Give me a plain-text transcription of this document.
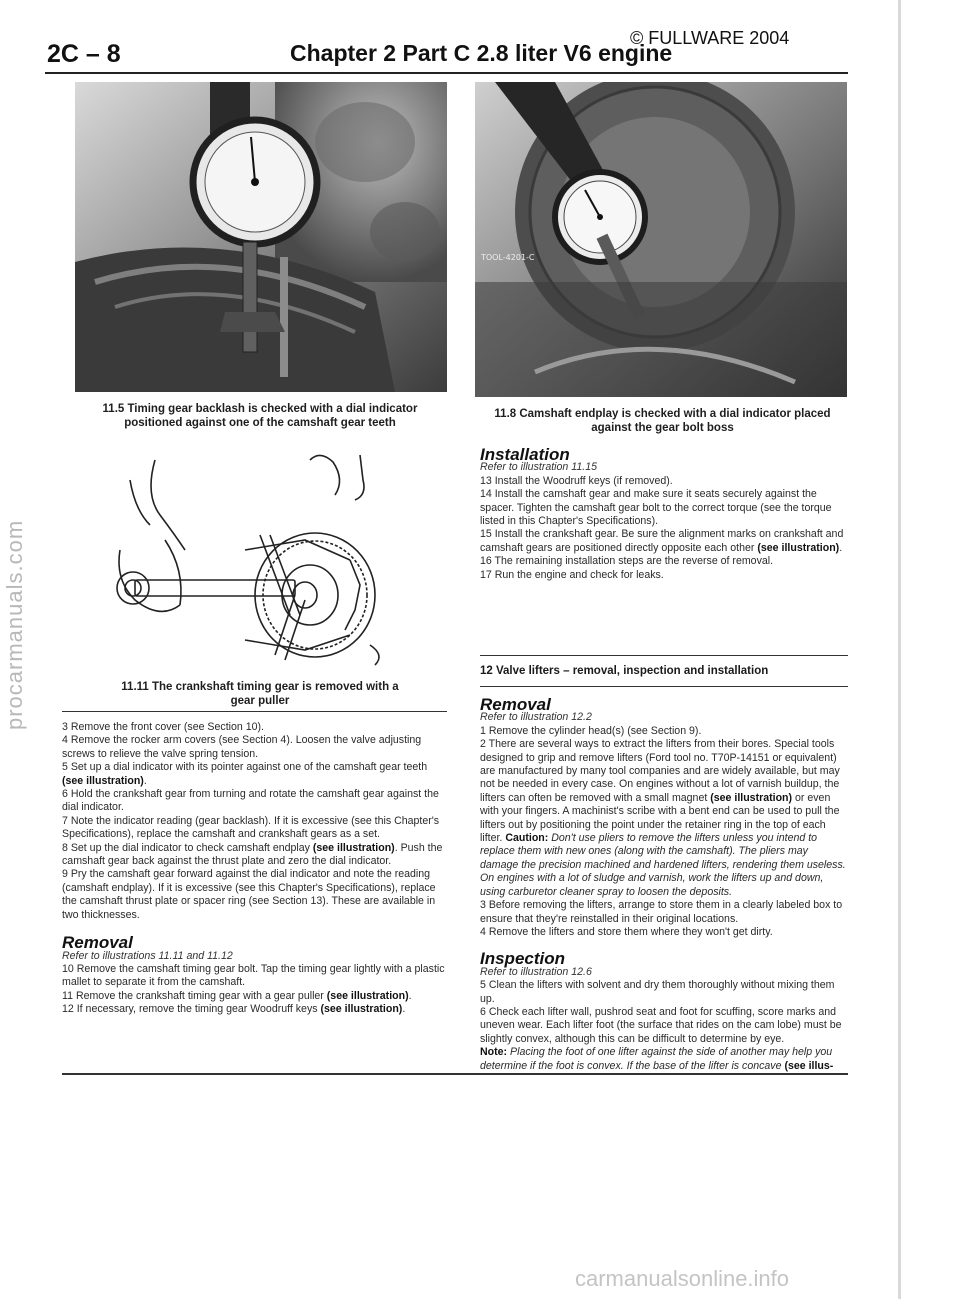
procarmanuals.com
© FULLWARE 2004
2C – 8	Chapter 2 Part C 2.8 liter V6 engine
11.5 Timing gear backlash is checked with a dial indicator
positioned against one of the camshaft gear teeth
TOOL-4201-C
11.8 Camshaft endplay is checked with a dial indicator placed
against the gear bolt boss
11.11 The crankshaft timing gear is removed with a
gear puller

3 Remove the front cover (see Section 10).

4 Remove the rocker arm covers (see Section 4). Loosen the valve adjusting screws to relieve the valve spring tension.

5 Set up a dial indicator with its pointer against one of the camshaft gear teeth (see illustration).

6 Hold the crankshaft gear from turning and rotate the camshaft gear against the dial indicator.

7 Note the indicator reading (gear backlash). If it is excessive (see this Chapter's Specifications), replace the camshaft and crankshaft gears as a set.

8 Set up the dial indicator to check camshaft endplay (see illustration). Push the camshaft gear back against the thrust plate and zero the dial indicator.

9 Pry the camshaft gear forward against the dial indicator and note the reading (camshaft endplay). If it is excessive (see this Chapter's Specifications), replace the camshaft thrust plate or spacer ring (see Section 13). These are available in two thicknesses.

Removal

Refer to illustrations 11.11 and 11.12

10 Remove the camshaft timing gear bolt. Tap the timing gear lightly with a plastic mallet to separate it from the camshaft.

11 Remove the crankshaft timing gear with a gear puller (see illustration).

12 If necessary, remove the timing gear Woodruff keys (see illustration).

Installation

Refer to illustration 11.15

13 Install the Woodruff keys (if removed).

14 Install the camshaft gear and make sure it seats securely against the spacer. Tighten the camshaft gear bolt to the correct torque (see the torque listed in this Chapter's Specifications).

15 Install the crankshaft gear. Be sure the alignment marks on crankshaft and camshaft gears are positioned directly opposite each other (see illustration).

16 The remaining installation steps are the reverse of removal.

17 Run the engine and check for leaks.

12 Valve lifters – removal, inspection and installation

Removal

Refer to illustration 12.2

1 Remove the cylinder head(s) (see Section 9).

2 There are several ways to extract the lifters from their bores. Special tools designed to grip and remove lifters (Ford tool no. T70P-14151 or equivalent) are manufactured by many tool companies and are widely available, but may not be needed in every case. On engines without a lot of varnish buildup, the lifters can often be removed with a small magnet (see illustration) or even with your fingers. A machinist's scribe with a bent end can be used to pull the lifters out by positioning the point under the retainer ring in the top of each lifter. Caution: Don't use pliers to remove the lifters unless you intend to replace them with new ones (along with the camshaft). The pliers may damage the precision machined and hardened lifters, rendering them useless. On engines with a lot of sludge and varnish, work the lifters up and down, using carburetor cleaner spray to loosen the deposits.

3 Before removing the lifters, arrange to store them in a clearly labeled box to ensure that they're reinstalled in their original locations.

4 Remove the lifters and store them where they won't get dirty.

Inspection

Refer to illustration 12.6

5 Clean the lifters with solvent and dry them thoroughly without mixing them up.

6 Check each lifter wall, pushrod seat and foot for scuffing, score marks and uneven wear. Each lifter foot (the surface that rides on the cam lobe) must be slightly convex, although this can be difficult to determine by eye.

Note: Placing the foot of one lifter against the side of another may help you determine if the foot is convex. If the base of the lifter is concave (see illus-

carmanualsonline.info
